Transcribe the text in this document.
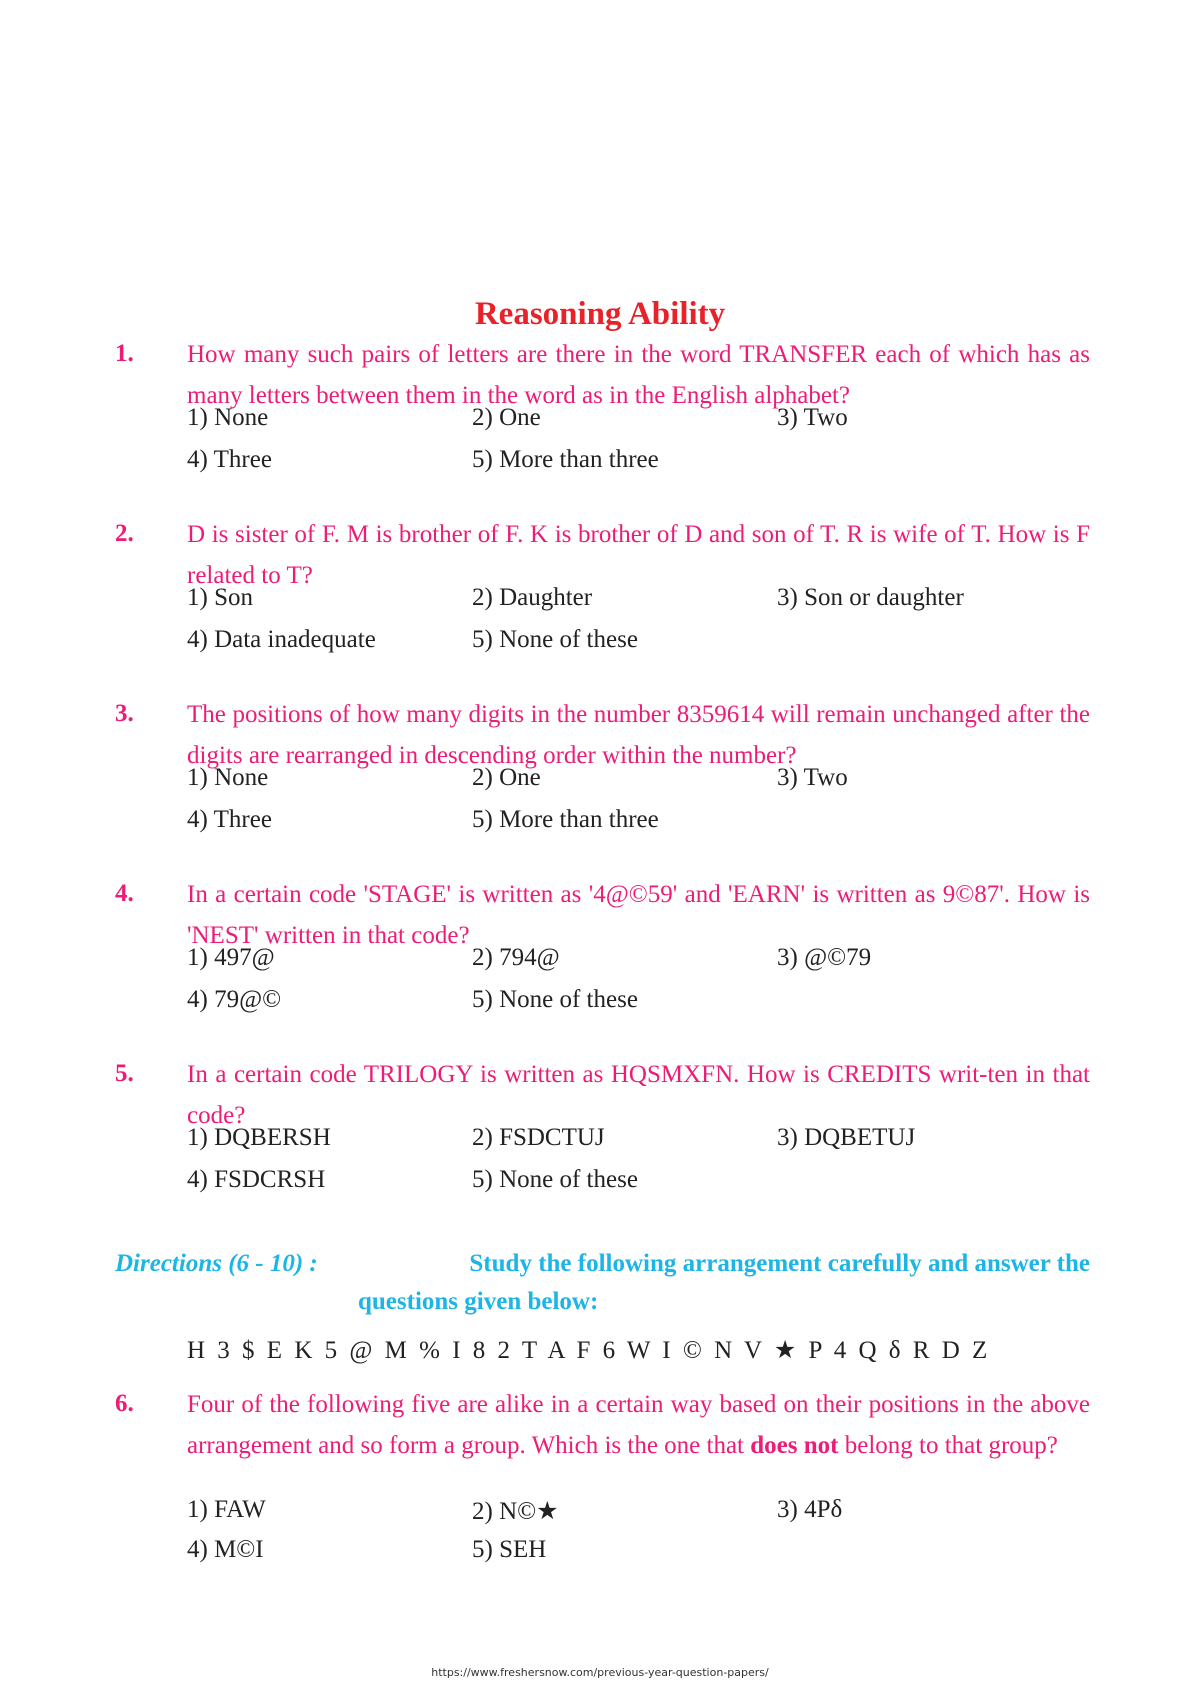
Reasoning Ability
1. How many such pairs of letters are there in the word TRANSFER each of which has as many letters between them in the word as in the English alphabet?
1) None	2) One	3) Two
4) Three	5) More than three
2. D is sister of F. M is brother of F. K is brother of D and son of T. R is wife of T. How is F related to T?
1) Son	2) Daughter	3) Son or daughter
4) Data inadequate	5) None of these
3. The positions of how many digits in the number 8359614 will remain unchanged after the digits are rearranged in descending order within the number?
1) None	2) One	3) Two
4) Three	5) More than three
4. In a certain code 'STAGE' is written as '4@©59' and 'EARN' is written as 9©87'. How is 'NEST' written in that code?
1) 497@	2) 794@	3) @©79
4) 79@©	5) None of these
5. In a certain code TRILOGY is written as HQSMXFN. How is CREDITS writ-ten in that code?
1) DQBERSH	2) FSDCTUJ	3) DQBETUJ
4) FSDCRSH	5) None of these
Directions (6 - 10) :	Study the following arrangement carefully and answer the
questions given below:
H 3 $ E K 5 @ M % I 8 2 T A F 6 W I © N V ★ P 4 Q δ R D Z
6. Four of the following five are alike in a certain way based on their positions in the above arrangement and so form a group. Which is the one that does not belong to that group?
1) FAW	2) N©★	3) 4Pδ
4) M©I	5) SEH
https://www.freshersnow.com/previous-year-question-papers/
